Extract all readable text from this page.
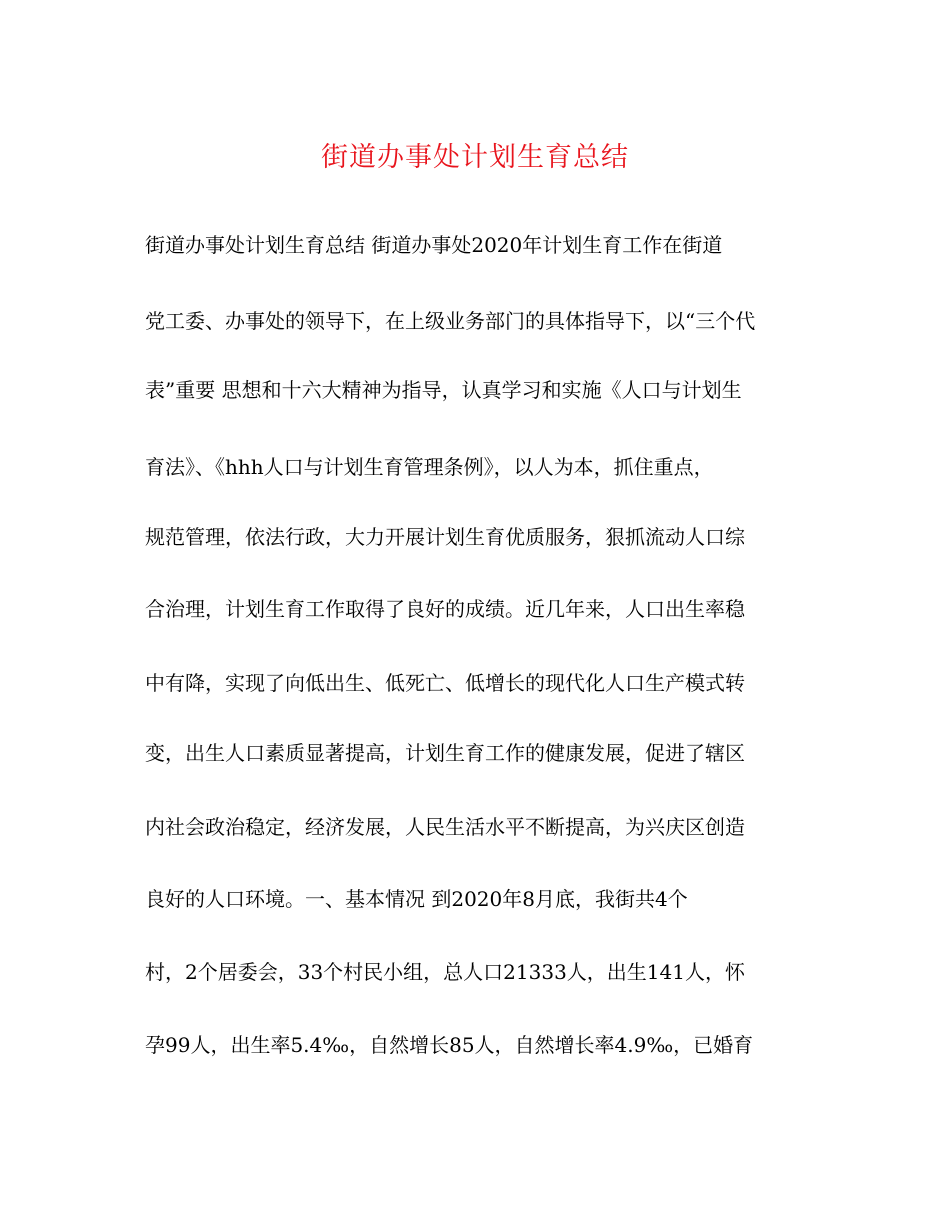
街道办事处计划生育总结
街道办事处计划生育总结 街道办事处2020年计划生育工作在街道
党工委、办事处的领导下，在上级业务部门的具体指导下，以“三个代
表”重要 思想和十六大精神为指导，认真学习和实施《人口与计划生
育法》、《hhh人口与计划生育管理条例》，以人为本，抓住重点，
规范管理，依法行政，大力开展计划生育优质服务，狠抓流动人口综
合治理，计划生育工作取得了良好的成绩。近几年来，人口出生率稳
中有降，实现了向低出生、低死亡、低增长的现代化人口生产模式转
变，出生人口素质显著提高，计划生育工作的健康发展，促进了辖区
内社会政治稳定，经济发展，人民生活水平不断提高，为兴庆区创造
良好的人口环境。一、基本情况 到2020年8月底，我街共4个
村，2个居委会，33个村民小组，总人口21333人，出生141人，怀
孕99人，出生率5.4‰，自然增长85人，自然增长率4.9‰，已婚育
